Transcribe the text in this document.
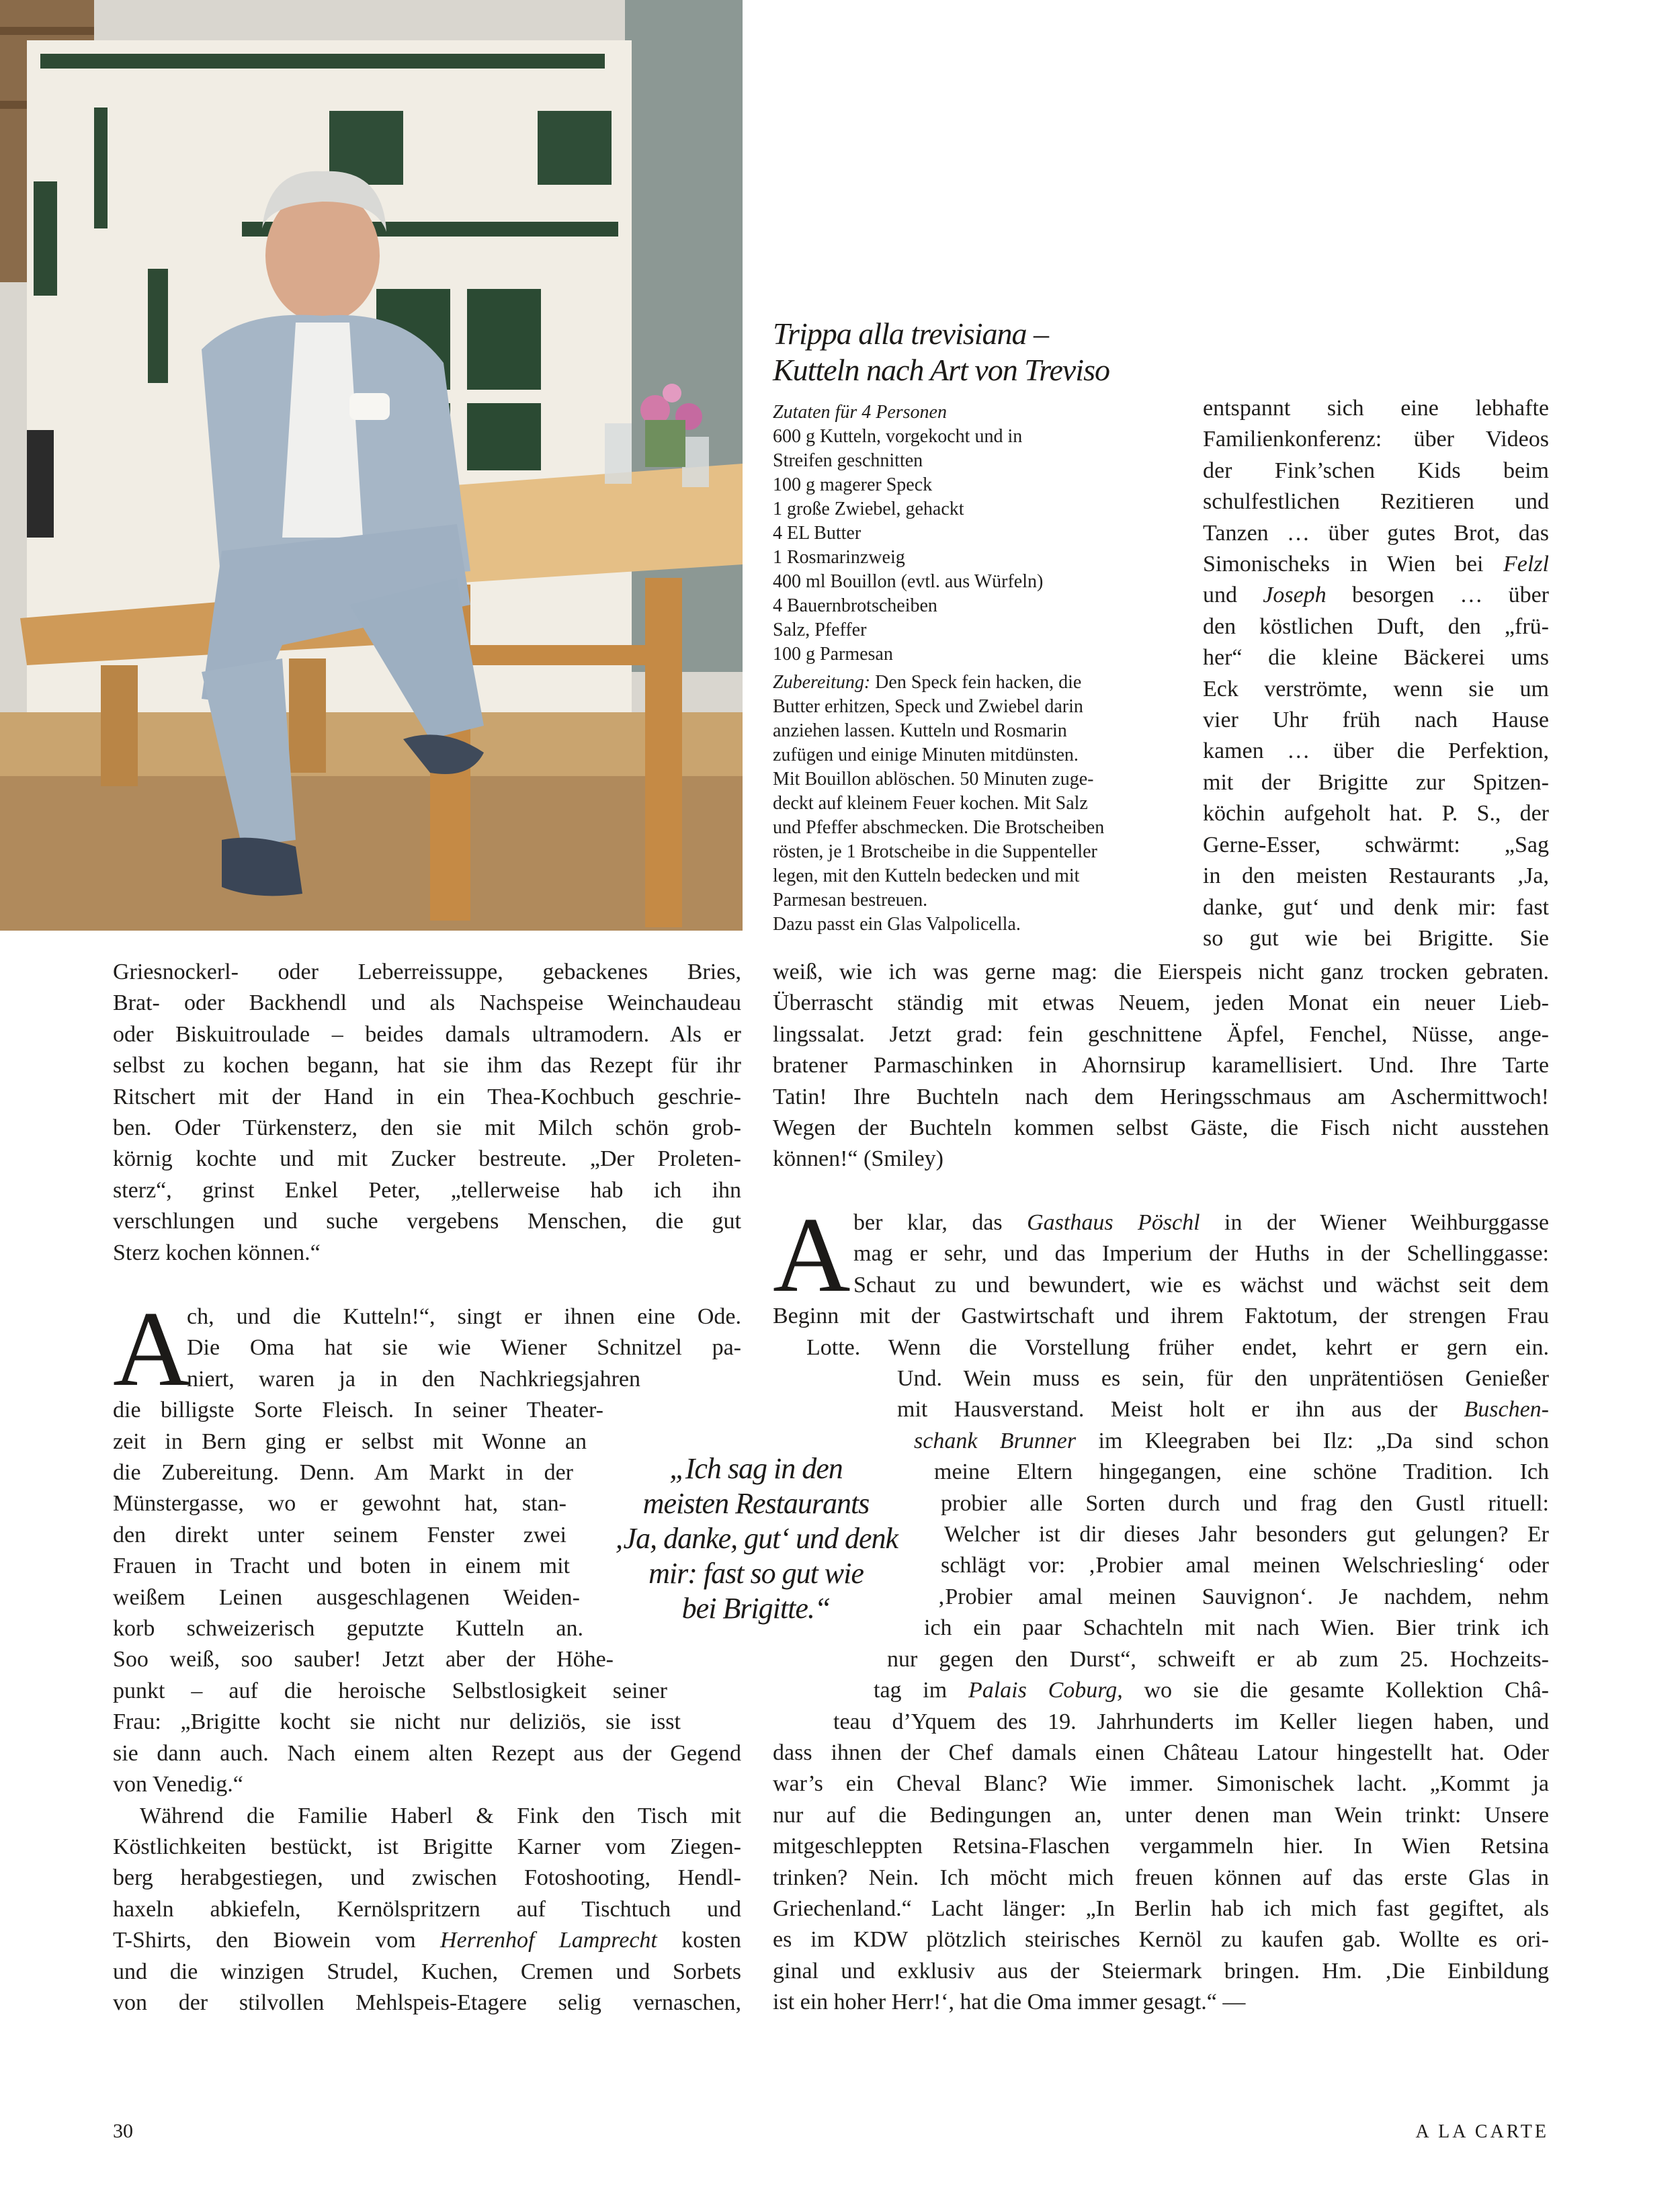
Trippa alla trevisiana –
Kutteln nach Art von Treviso
Zutaten für 4 Personen
600 g Kutteln, vorgekocht und in
Streifen geschnitten
100 g magerer Speck
1 große Zwiebel, gehackt
4 EL Butter
1 Rosmarinzweig
400 ml Bouillon (evtl. aus Würfeln)
4 Bauernbrotscheiben
Salz, Pfeffer
100 g Parmesan
Zubereitung: Den Speck fein hacken, die
Butter erhitzen, Speck und Zwiebel darin
anziehen lassen. Kutteln und Rosmarin
zufügen und einige Minuten mitdünsten.
Mit Bouillon ablöschen. 50 Minuten zuge-
deckt auf kleinem Feuer kochen. Mit Salz
und Pfeffer abschmecken. Die Brotscheiben
rösten, je 1 Brotscheibe in die Suppenteller
legen, mit den Kutteln bedecken und mit
Parmesan bestreuen.
Dazu passt ein Glas Valpolicella.
entspannt sich eine lebhafte
Familienkonferenz: über Videos
der Fink’schen Kids beim
schulfestlichen Rezitieren und
Tanzen … über gutes Brot, das
Simonischeks in Wien bei Felzl
und Joseph besorgen … über
den köstlichen Duft, den „frü-
her“ die kleine Bäckerei ums
Eck verströmte, wenn sie um
vier Uhr früh nach Hause
kamen … über die Perfektion,
mit der Brigitte zur Spitzen-
köchin aufgeholt hat. P. S., der
Gerne-Esser, schwärmt: „Sag
in den meisten Restaurants ‚Ja,
danke, gut‘ und denk mir: fast
so gut wie bei Brigitte. Sie
weiß, wie ich was gerne mag: die Eierspeis nicht ganz trocken gebraten.
Überrascht ständig mit etwas Neuem, jeden Monat ein neuer Lieb-
lingssalat. Jetzt grad: fein geschnittene Äpfel, Fenchel, Nüsse, ange-
bratener Parmaschinken in Ahornsirup karamellisiert. Und. Ihre Tarte
Tatin! Ihre Buchteln nach dem Heringsschmaus am Aschermittwoch!
Wegen der Buchteln kommen selbst Gäste, die Fisch nicht ausstehen
können!“ (Smiley)
Griesnockerl- oder Leberreissuppe, gebackenes Bries,
Brat- oder Backhendl und als Nachspeise Weinchaudeau
oder Biskuitroulade – beides damals ultramodern. Als er
selbst zu kochen begann, hat sie ihm das Rezept für ihr
Ritschert mit der Hand in ein Thea-Kochbuch geschrie-
ben. Oder Türkensterz, den sie mit Milch schön grob-
körnig kochte und mit Zucker bestreute. „Der Proleten-
sterz“, grinst Enkel Peter, „tellerweise hab ich ihn
verschlungen und suche vergebens Menschen, die gut
Sterz kochen können.“
A
ch, und die Kutteln!“, singt er ihnen eine Ode.
Die Oma hat sie wie Wiener Schnitzel pa-
niert, waren ja in den Nachkriegsjahren
die billigste Sorte Fleisch. In seiner Theater-
zeit in Bern ging er selbst mit Wonne an
die Zubereitung. Denn. Am Markt in der
Münstergasse, wo er gewohnt hat, stan-
den direkt unter seinem Fenster zwei
Frauen in Tracht und boten in einem mit
weißem Leinen ausgeschlagenen Weiden-
korb schweizerisch geputzte Kutteln an.
Soo weiß, soo sauber! Jetzt aber der Höhe-
punkt – auf die heroische Selbstlosigkeit seiner
Frau: „Brigitte kocht sie nicht nur deliziös, sie isst
sie dann auch. Nach einem alten Rezept aus der Gegend
von Venedig.“
Während die Familie Haberl & Fink den Tisch mit
Köstlichkeiten bestückt, ist Brigitte Karner vom Ziegen-
berg herabgestiegen, und zwischen Fotoshooting, Hendl-
haxeln abkiefeln, Kernölspritzern auf Tischtuch und
T-Shirts, den Biowein vom Herrenhof Lamprecht kosten
und die winzigen Strudel, Kuchen, Cremen und Sorbets
von der stilvollen Mehlspeis-Etagere selig vernaschen,
„Ich sag in den
meisten Restaurants
‚Ja, danke, gut‘ und denk
mir: fast so gut wie
bei Brigitte.“
A ber klar, das Gasthaus Pöschl in der Wiener Weihburggasse
mag er sehr, und das Imperium der Huths in der Schellinggasse:
Schaut zu und bewundert, wie es wächst und wächst seit dem
Beginn mit der Gastwirtschaft und ihrem Faktotum, der strengen Frau
Lotte. Wenn die Vorstellung früher endet, kehrt er gern ein.
Und. Wein muss es sein, für den unprätentiösen Genießer
mit Hausverstand. Meist holt er ihn aus der Buschen-
schank Brunner im Kleegraben bei Ilz: „Da sind schon
meine Eltern hingegangen, eine schöne Tradition. Ich
probier alle Sorten durch und frag den Gustl rituell:
Welcher ist dir dieses Jahr besonders gut gelungen? Er
schlägt vor: ‚Probier amal meinen Welschriesling‘ oder
‚Probier amal meinen Sauvignon‘. Je nachdem, nehm
ich ein paar Schachteln mit nach Wien. Bier trink ich
nur gegen den Durst“, schweift er ab zum 25. Hochzeits-
tag im Palais Coburg, wo sie die gesamte Kollektion Châ-
teau d’Yquem des 19. Jahrhunderts im Keller liegen haben, und
dass ihnen der Chef damals einen Château Latour hingestellt hat. Oder
war’s ein Cheval Blanc? Wie immer. Simonischek lacht. „Kommt ja
nur auf die Bedingungen an, unter denen man Wein trinkt: Unsere
mitgeschleppten Retsina-Flaschen vergammeln hier. In Wien Retsina
trinken? Nein. Ich möcht mich freuen können auf das erste Glas in
Griechenland.“ Lacht länger: „In Berlin hab ich mich fast gegiftet, als
es im KDW plötzlich steirisches Kernöl zu kaufen gab. Wollte es ori-
ginal und exklusiv aus der Steiermark bringen. Hm. ‚Die Einbildung
ist ein hoher Herr!‘, hat die Oma immer gesagt.“ —
30	A LA CARTE
